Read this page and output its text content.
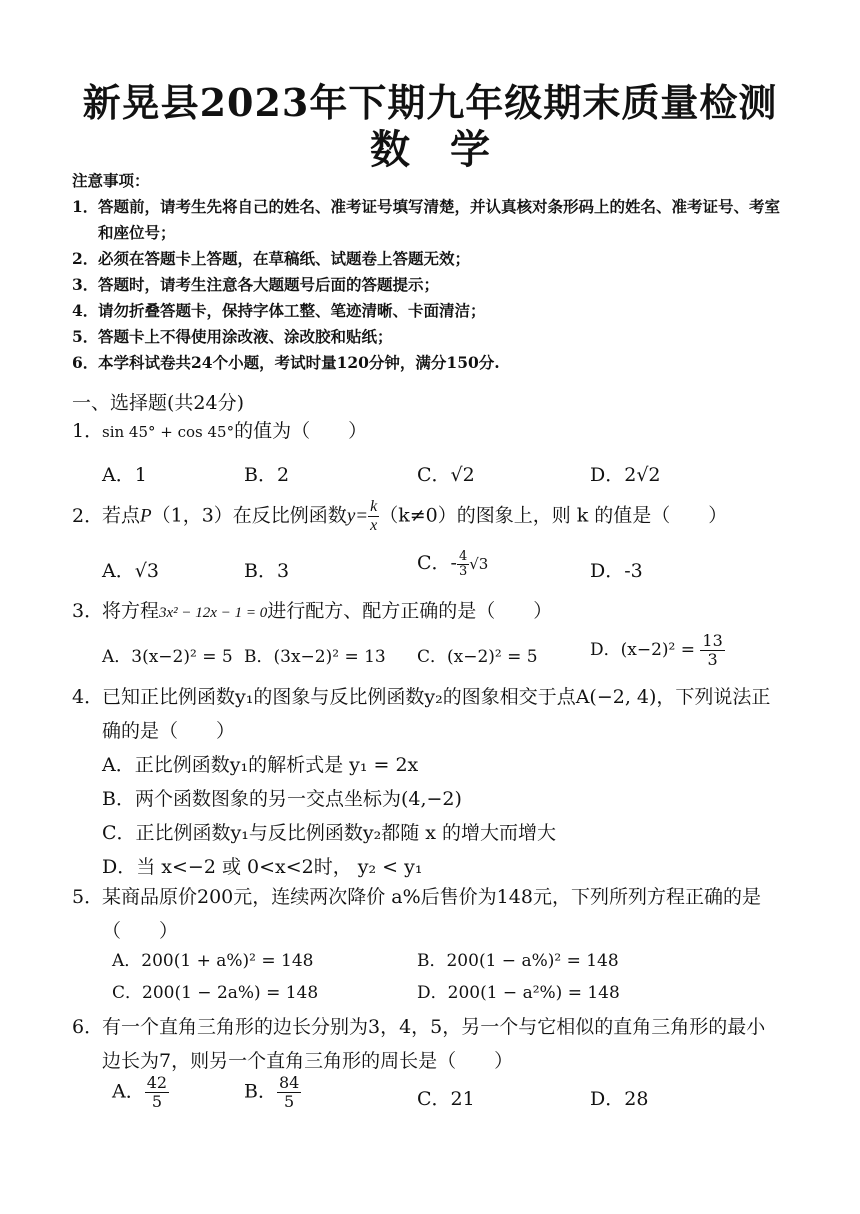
新晃县2023年下期九年级期末质量检测
数 学
注意事项：
1． 答题前，请考生先将自己的姓名、准考证号填写清楚，并认真核对条形码上的姓名、准考证号、考室和座位号；
2． 必须在答题卡上答题，在草稿纸、试题卷上答题无效；
3． 答题时，请考生注意各大题题号后面的答题提示；
4． 请勿折叠答题卡，保持字体工整、笔迹清晰、卡面清洁；
5． 答题卡上不得使用涂改液、涂改胶和贴纸；
6． 本学科试卷共24个小题，考试时量120分钟，满分150分.
一、选择题(共24分)
1．sin 45° + cos 45°的值为（　　）
A．1	B．2	C．√2	D．2√2
2．若点P（1，3）在反比例函数$y= \frac{k}{x} (k\ne 0)$的图象上，则 k 的值是（　　）
A．√3	B．3	C．- $\frac{4}{3} √3$	D．-3
3．将方程3x² − 12x − 1 = 0进行配方、配方正确的是（　　）
A．3(x−2)² = 5 B．(3x−2)² = 13 C．(x−2)² = 5	D．$(x-2)^2 = \frac{13}{3}$
4．已知正比例函数y₁的图象与反比例函数y₂的图象相交于点A(−2, 4)，下列说法正
确的是（　　）
A．正比例函数y₁的解析式是 y₁ = 2x
B．两个函数图象的另一交点坐标为(4,−2)
C．正比例函数y₁与反比例函数y₂都随 x 的增大而增大
D．当 x<−2 或 0<x<2时， y₂ < y₁
5．某商品原价200元，连续两次降价 a%后售价为148元，下列所列方程正确的是
（　　）
A．200(1 + a%)² = 148	B．200(1 − a%)² = 148
C．200(1 − 2a%) = 148	D．200(1 − a²%) = 148
6．有一个直角三角形的边长分别为3，4，5，另一个与它相似的直角三角形的最小
边长为7，则另一个直角三角形的周长是（　　）
A． $\frac{42}{5}$	B． $\frac{84}{5}$	C．21	D．28
